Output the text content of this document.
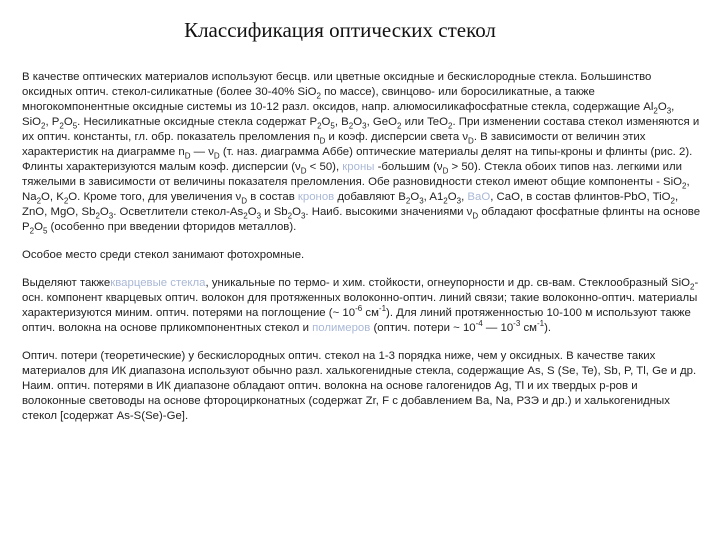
Классификация оптических стекол

В качестве оптических материалов используют бесцв. или цветные оксидные и бескислородные стекла. Большинство оксидных оптич. стекол-силикатные (более 30-40% SiO$_2$ по массе), свинцово- или боросиликатные, а также многокомпонентные оксидные системы из 10-12 разл. оксидов, напр. алюмосиликафосфатные стекла, содержащие $Al_2O_3$, SiO$_2$, $P_2O_5$. Несиликатные оксидные стекла содержат $P_2O_5$, $B_2O_3$, GeO$_2$ или TeO$_2$. При изменении состава стекол изменяются и их оптич. константы, гл. обр. показатель преломления $n_D$ и коэф. дисперсии света $\nu_D$. В зависимости от величин этих характеристик на диаграмме $n_D$ — $\nu_D$ (т. наз. диаграмма Аббе) оптические материалы делят на типы-кроны и флинты (рис. 2). Флинты характеризуются малым коэф. дисперсии $(\nu_D < 50)$, кроны -большим $(\nu_D > 50)$. Стекла обоих типов наз. легкими или тяжелыми в зависимости от величины показателя преломления. Обе разновидности стекол имеют общие компоненты - SiO$_2$, $Na_2O$, $K_2O$. Кроме того, для увеличения $\nu_D$ в состав кронов добавляют $B_2O_3$, $A1_2O_3$, BaO, CaO, в состав флинтов-PbO, TiO$_2$, ZnO, MgO, $Sb_2O_3$. Осветлители стекол-$As_2O_3$ и $Sb_2O_3$. Наиб. высокими значениями $\nu_D$ обладают фосфатные флинты на основе $P_2O_5$ (особенно при введении фторидов металлов).

Особое место среди стекол занимают фотохромные.

Выделяют такжекварцевые стекла, уникальные по термо- и хим. стойкости, огнеупорности и др. св-вам. Стеклообразный SiO$_2$-осн. компонент кварцевых оптич. волокон для протяженных волоконно-оптич. линий связи; такие волоконно-оптич. материалы характеризуются миним. оптич. потерями на поглощение (~ $10^{-6}$ $см^{-1}$). Для линий протяженностью 10-100 м используют также оптич. волокна на основе прликомпонентных стекол и полимеров (оптич. потери ~ $10^{-4}$ — $10^{-3}$ $см^{-1}$).

Оптич. потери (теоретические) у бескислородных оптич. стекол на 1-3 порядка ниже, чем у оксидных. В качестве таких материалов для ИК диапазона используют обычно разл. халькогенидные стекла, содержащие As, S (Se, Te), Sb, P, Tl, Ge и др. Наим. оптич. потерями в ИК диапазоне обладают оптич. волокна на основе галогенидов Ag, Tl и их твердых р-ров и волоконные световоды на основе фтороцирконатных (содержат Zr, F с добавлением Ba, Na, РЗЭ и др.) и халькогенидных стекол [содержат As-S(Se)-Ge].
